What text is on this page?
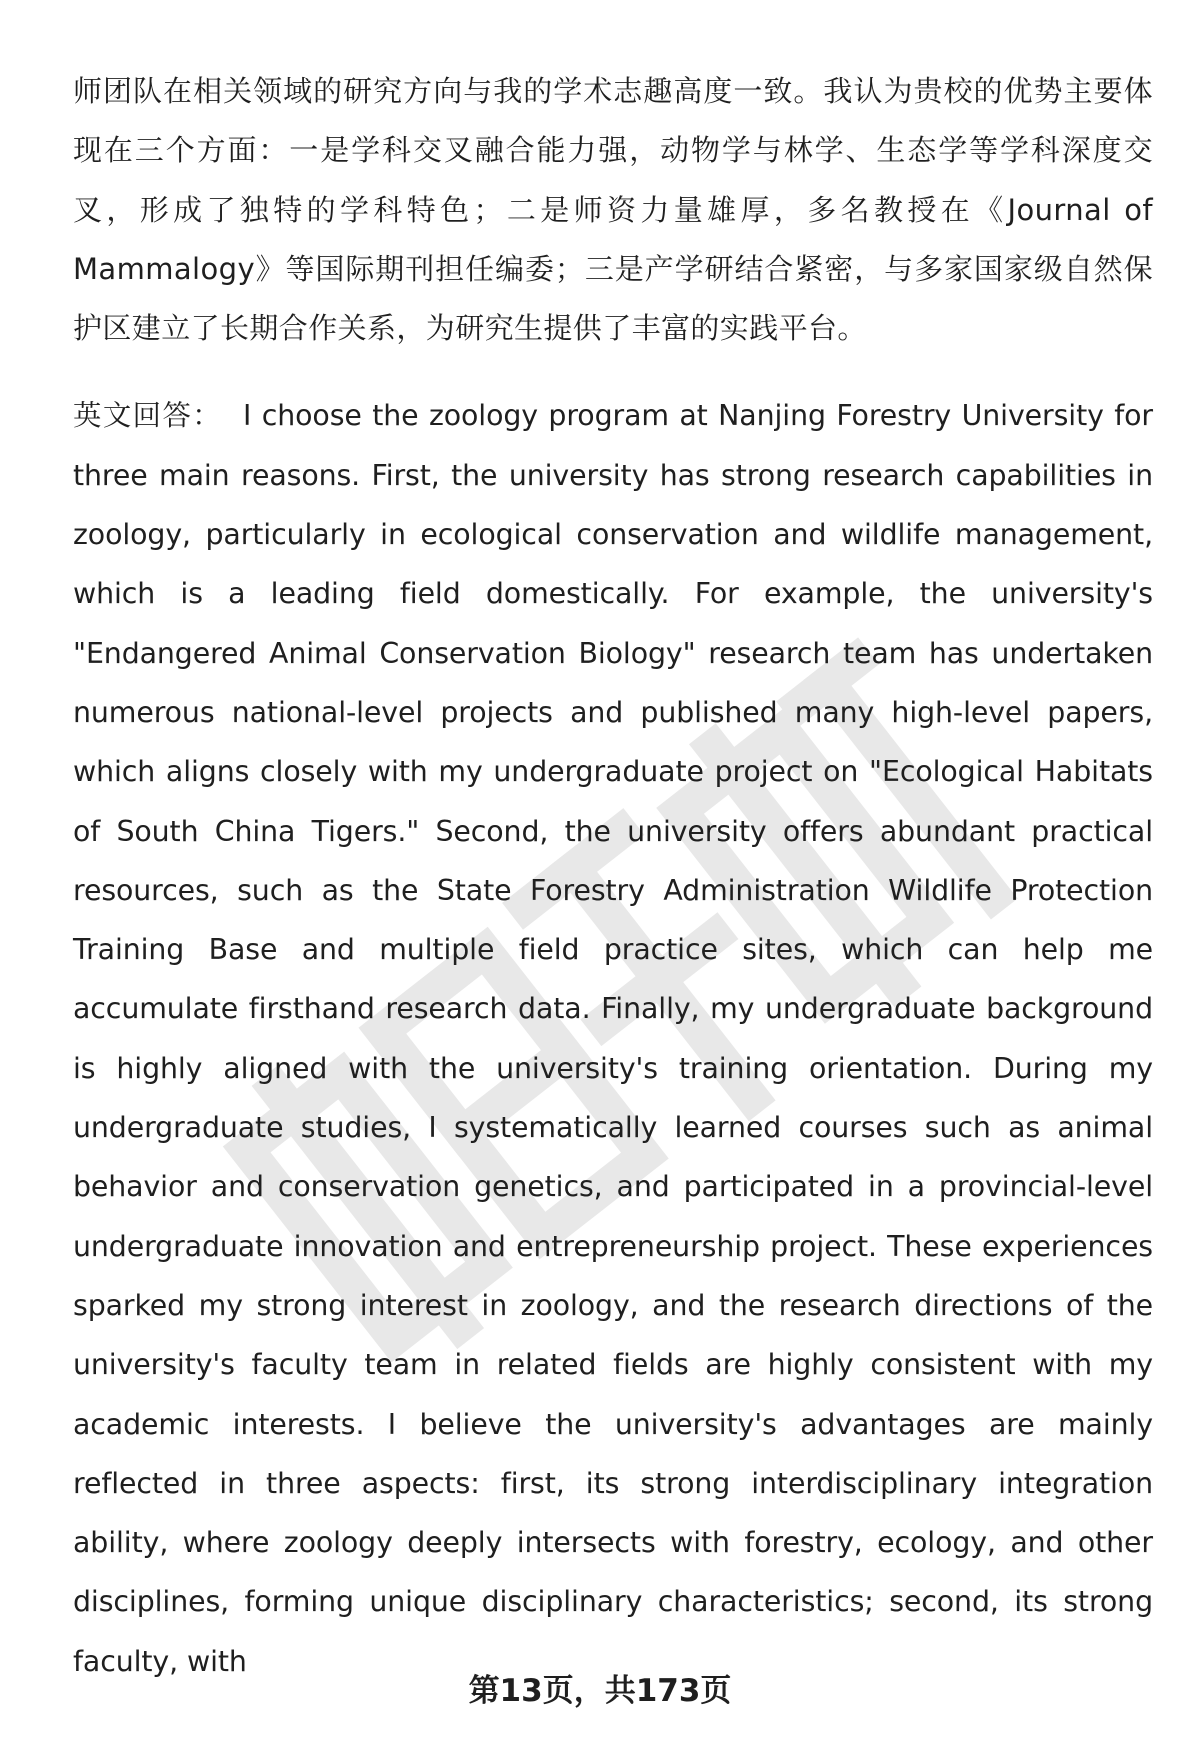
师团队在相关领域的研究方向与我的学术志趣高度一致。我认为贵校的优势主要体现在三个方面：一是学科交叉融合能力强，动物学与林学、生态学等学科深度交叉，形成了独特的学科特色；二是师资力量雄厚，多名教授在《Journal of Mammalogy》等国际期刊担任编委；三是产学研结合紧密，与多家国家级自然保护区建立了长期合作关系，为研究生提供了丰富的实践平台。

英文回答： I choose the zoology program at Nanjing Forestry University for three main reasons. First, the university has strong research capabilities in zoology, particularly in ecological conservation and wildlife management, which is a leading field domestically. For example, the university's "Endangered Animal Conservation Biology" research team has undertaken numerous national-level projects and published many high-level papers, which aligns closely with my undergraduate project on "Ecological Habitats of South China Tigers." Second, the university offers abundant practical resources, such as the State Forestry Administration Wildlife Protection Training Base and multiple field practice sites, which can help me accumulate firsthand research data. Finally, my undergraduate background is highly aligned with the university's training orientation. During my undergraduate studies, I systematically learned courses such as animal behavior and conservation genetics, and participated in a provincial-level undergraduate innovation and entrepreneurship project. These experiences sparked my strong interest in zoology, and the research directions of the university's faculty team in related fields are highly consistent with my academic interests. I believe the university's advantages are mainly reflected in three aspects: first, its strong interdisciplinary integration ability, where zoology deeply intersects with forestry, ecology, and other disciplines, forming unique disciplinary characteristics; second, its strong faculty, with

第13页，共173页
